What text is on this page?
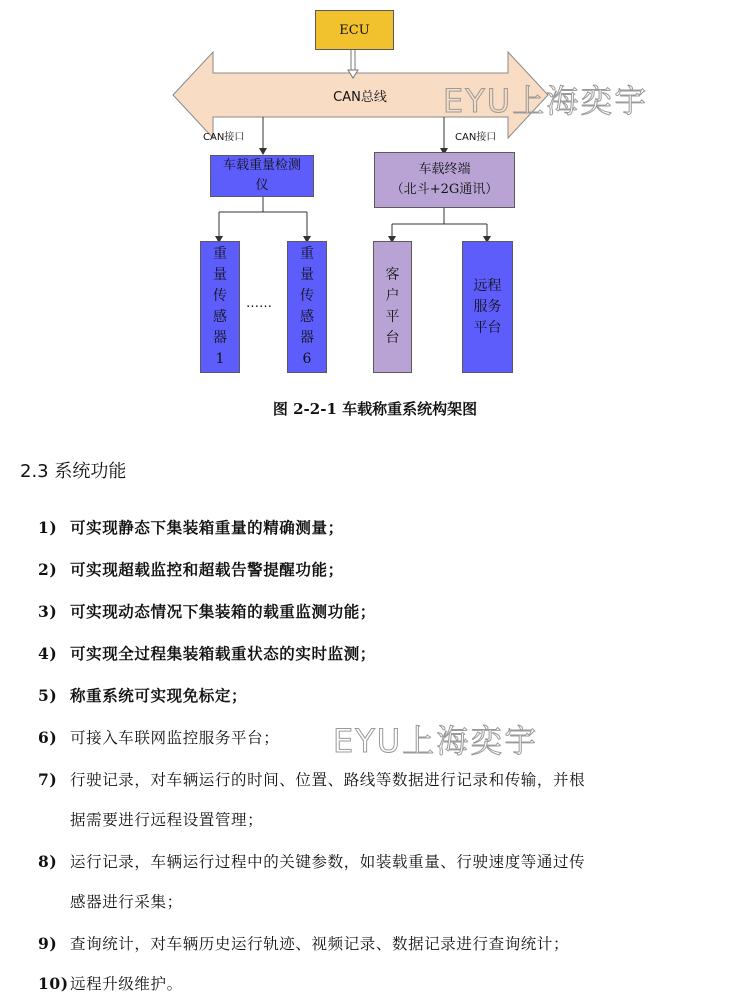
ECU
CAN总线
CAN接口	CAN接口
车载重量检测仪
车载终端
（北斗+2G通讯）
重
量
传
感
器
1
……
重
量
传
感
器
6
客
户
平
台
远程
服务
平台
图 2-2-1 车载称重系统构架图
EYU上海奕宇
2.3 系统功能
1) 可实现静态下集装箱重量的精确测量；
2) 可实现超载监控和超载告警提醒功能；
3) 可实现动态情况下集装箱的载重监测功能；
4) 可实现全过程集装箱载重状态的实时监测；
5) 称重系统可实现免标定；
6) 可接入车联网监控服务平台；
7) 行驶记录，对车辆运行的时间、位置、路线等数据进行记录和传输，并根
据需要进行远程设置管理；
8) 运行记录，车辆运行过程中的关键参数，如装载重量、行驶速度等通过传
感器进行采集；
9) 查询统计，对车辆历史运行轨迹、视频记录、数据记录进行查询统计；
10)远程升级维护。
EYU上海奕宇
